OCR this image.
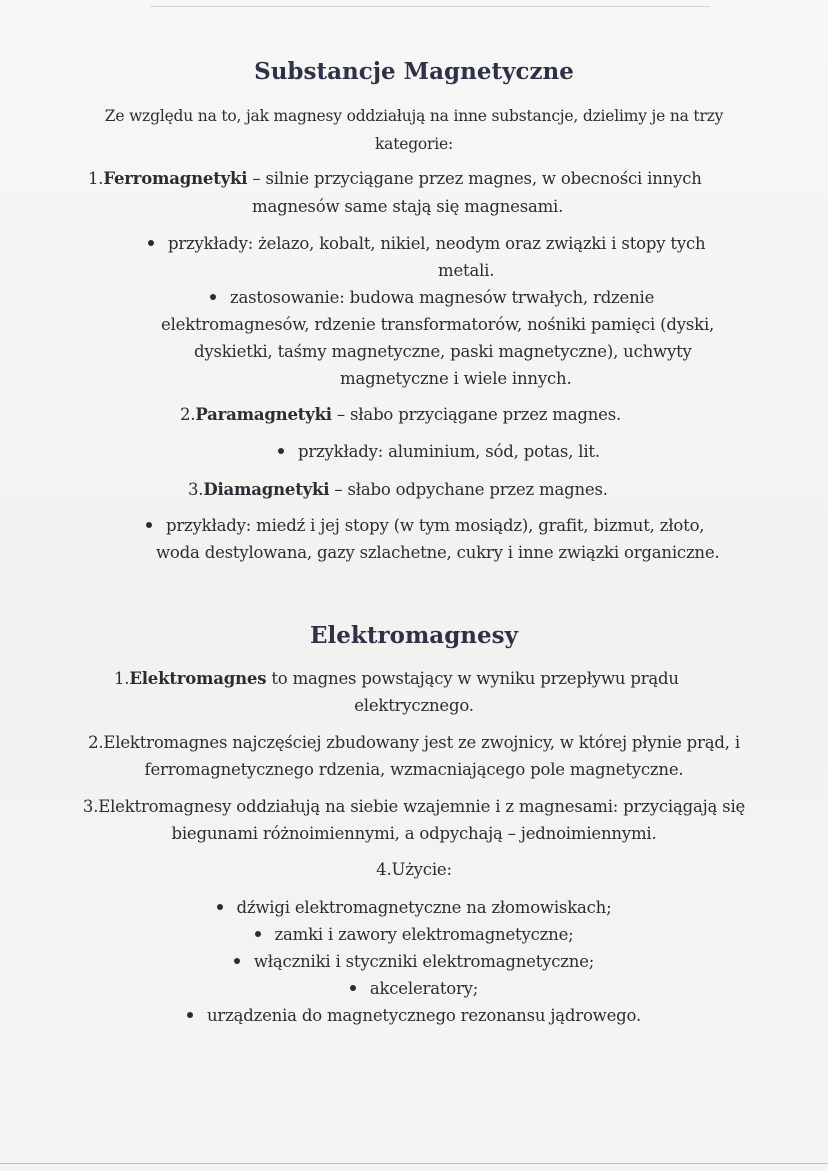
Substancje Magnetyczne
Ze względu na to, jak magnesy oddziałują na inne substancje, dzielimy je na trzy
kategorie:
1.Ferromagnetyki – silnie przyciągane przez magnes, w obecności innych
magnesów same stają się magnesami.
przykłady: żelazo, kobalt, nikiel, neodym oraz związki i stopy tych
metali.
zastosowanie: budowa magnesów trwałych, rdzenie
elektromagnesów, rdzenie transformatorów, nośniki pamięci (dyski,
dyskietki, taśmy magnetyczne, paski magnetyczne), uchwyty
magnetyczne i wiele innych.
2.Paramagnetyki – słabo przyciągane przez magnes.
przykłady: aluminium, sód, potas, lit.
3.Diamagnetyki – słabo odpychane przez magnes.
przykłady: miedź i jej stopy (w tym mosiądz), grafit, bizmut, złoto,
woda destylowana, gazy szlachetne, cukry i inne związki organiczne.
Elektromagnesy
1.Elektromagnes to magnes powstający w wyniku przepływu prądu
elektrycznego.
2.Elektromagnes najczęściej zbudowany jest ze zwojnicy, w której płynie prąd, i
ferromagnetycznego rdzenia, wzmacniającego pole magnetyczne.
3.Elektromagnesy oddziałują na siebie wzajemnie i z magnesami: przyciągają się
biegunami różnoimiennymi, a odpychają – jednoimiennymi.
4.Użycie:
dźwigi elektromagnetyczne na złomowiskach;
zamki i zawory elektromagnetyczne;
włączniki i styczniki elektromagnetyczne;
akceleratory;
urządzenia do magnetycznego rezonansu jądrowego.
